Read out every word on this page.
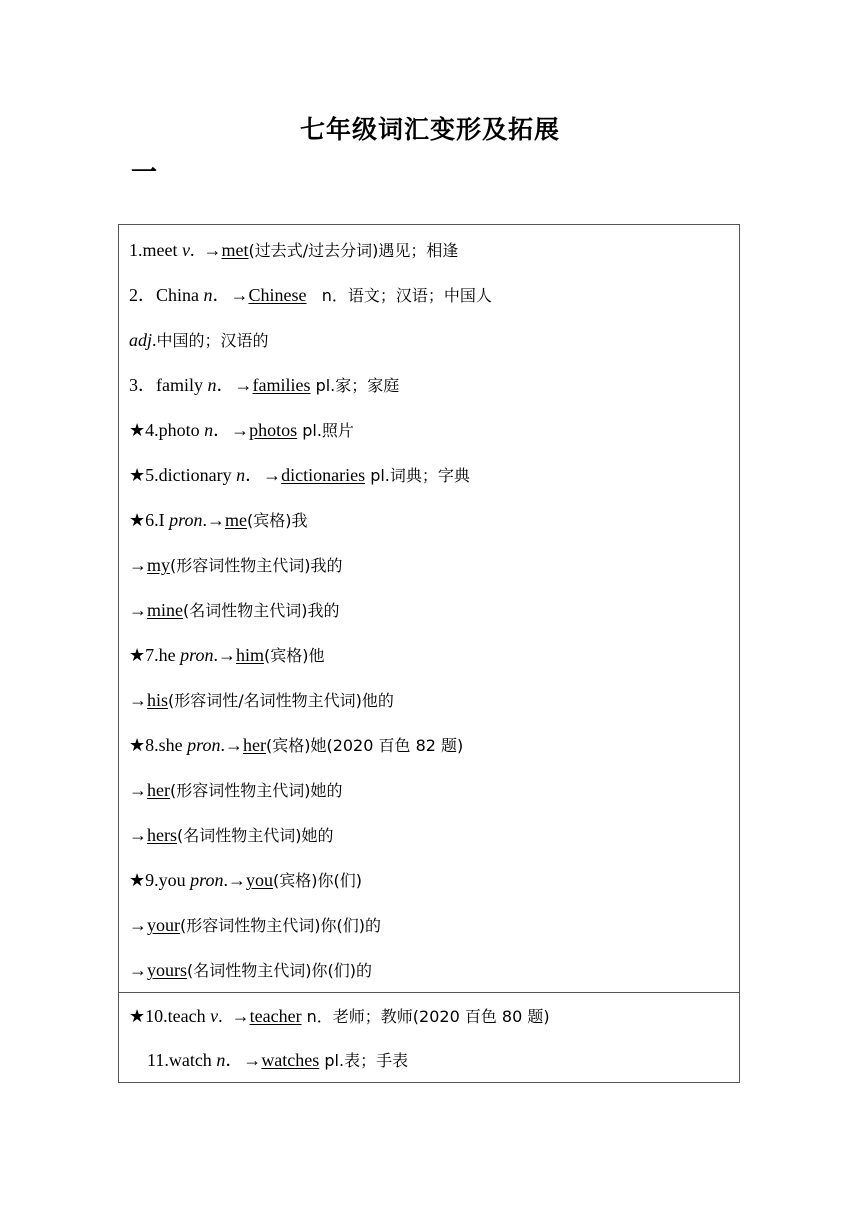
七年级词汇变形及拓展
一
1.meet v.  →met(过去式/过去分词)遇见；相逢
2．China n．→Chinese   n．语文；汉语；中国人
adj.中国的；汉语的
3．family n．→families pl.家；家庭
★4.photo n．→photos pl.照片
★5.dictionary n．→dictionaries pl.词典；字典
★6.I pron.→me(宾格)我
→my(形容词性物主代词)我的
→mine(名词性物主代词)我的
★7.he pron.→him(宾格)他
→his(形容词性/名词性物主代词)他的
★8.she pron.→her(宾格)她(2020 百色 82 题)
→her(形容词性物主代词)她的
→hers(名词性物主代词)她的
★9.you pron.→you(宾格)你(们)
→your(形容词性物主代词)你(们)的
→yours(名词性物主代词)你(们)的
★10.teach v.  →teacher n．老师；教师(2020 百色 80 题)
11.watch n．→watches pl.表；手表
